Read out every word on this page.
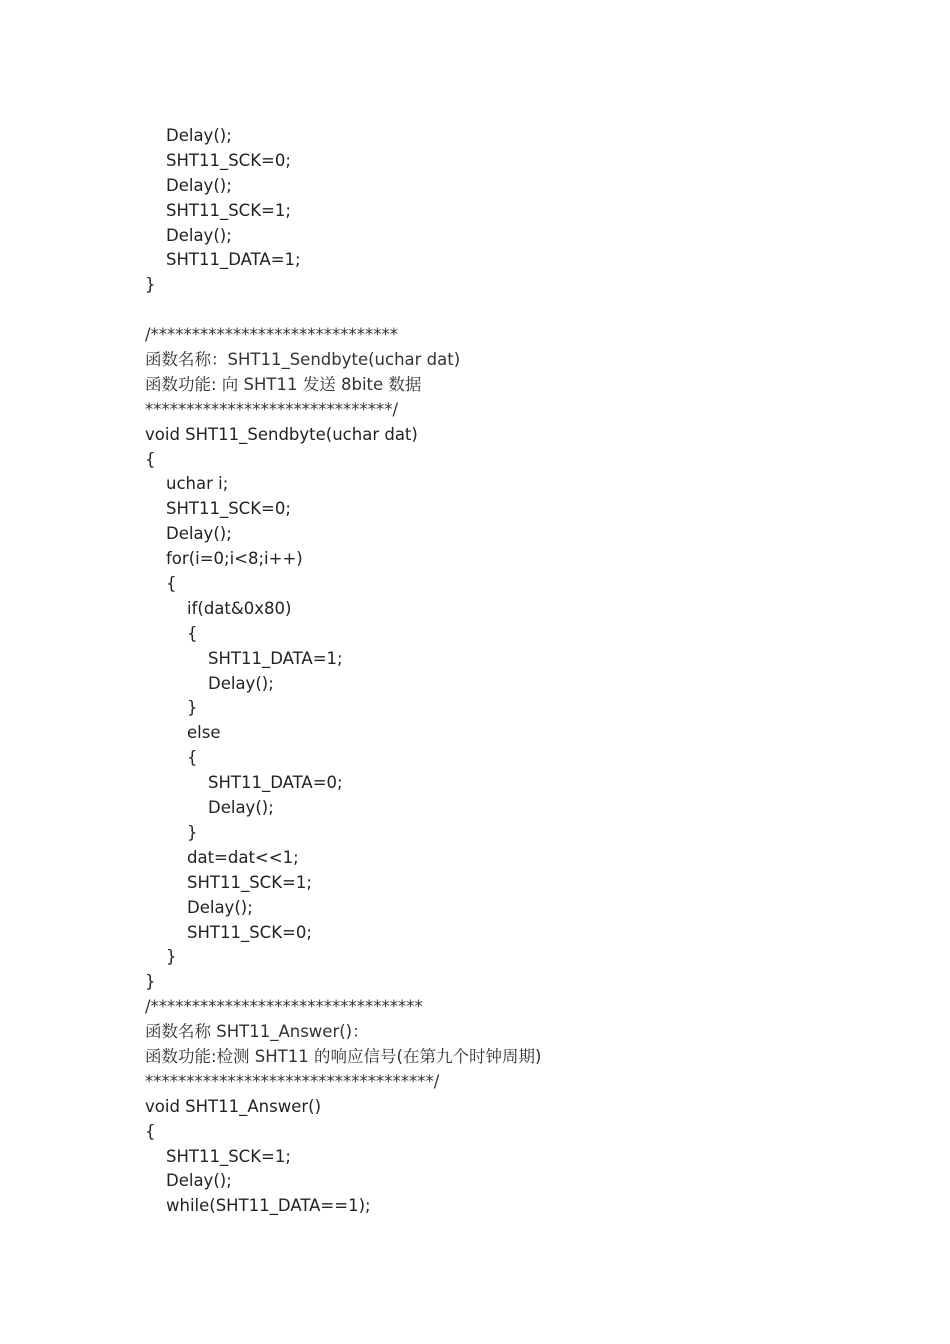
Delay();
SHT11_SCK=0;
Delay();
SHT11_SCK=1;
Delay();
SHT11_DATA=1;
}
/******************************
函数名称：SHT11_Sendbyte(uchar dat)
函数功能: 向 SHT11 发送 8bite 数据
******************************/
void SHT11_Sendbyte(uchar dat)
{
uchar i;
SHT11_SCK=0;
Delay();
for(i=0;i<8;i++)
{
if(dat&0x80)
{
SHT11_DATA=1;
Delay();
}
else
{
SHT11_DATA=0;
Delay();
}
dat=dat<<1;
SHT11_SCK=1;
Delay();
SHT11_SCK=0;
}
}
/*********************************
函数名称 SHT11_Answer()：
函数功能:检测 SHT11 的响应信号(在第九个时钟周期)
***********************************/
void SHT11_Answer()
{
SHT11_SCK=1;
Delay();
while(SHT11_DATA==1);
